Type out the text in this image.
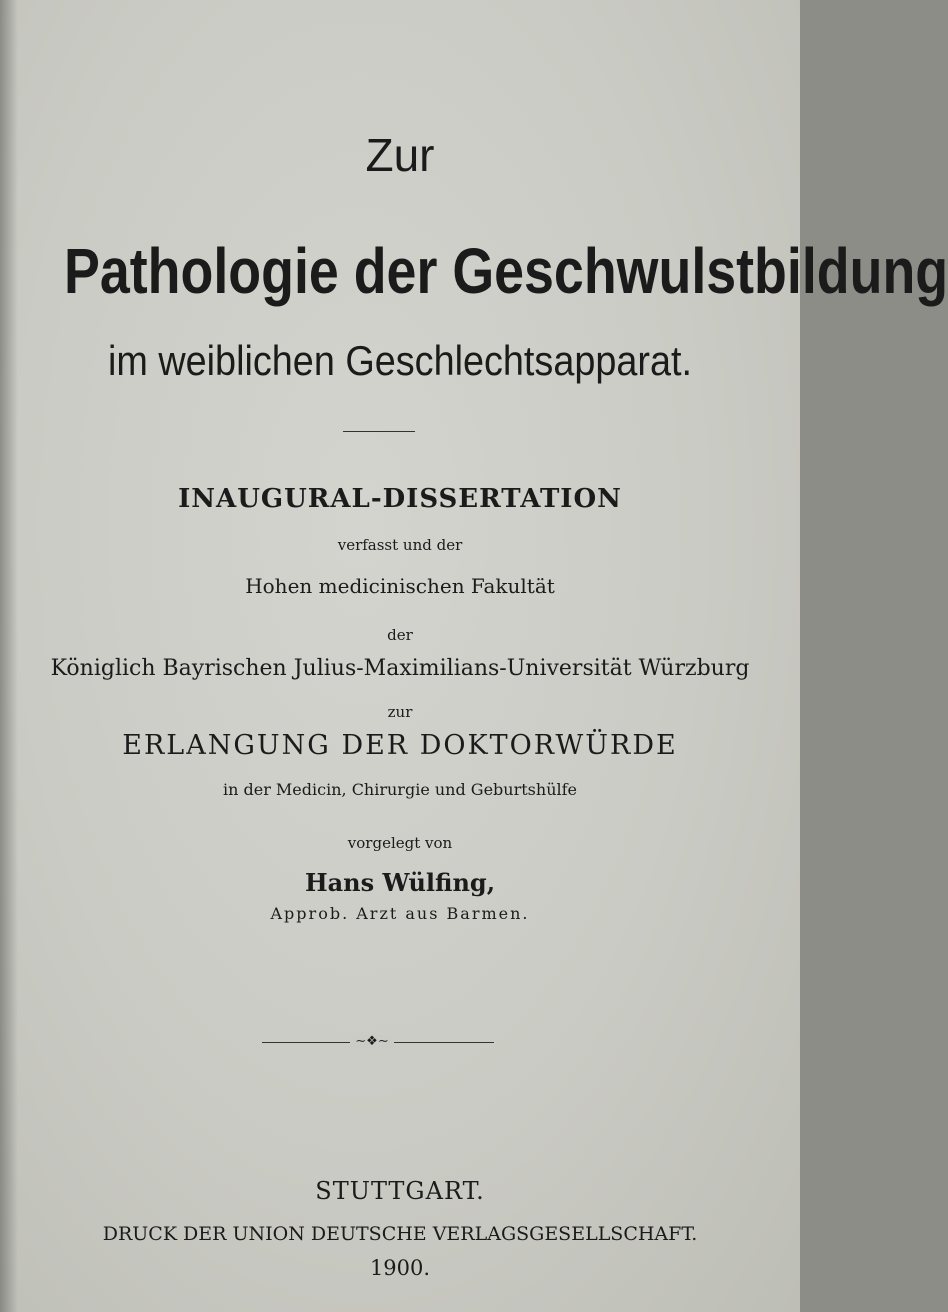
Zur
Pathologie der Geschwulstbildung
im weiblichen Geschlechtsapparat.
INAUGURAL-DISSERTATION
verfasst und der
Hohen medicinischen Fakultät
der
Königlich Bayrischen Julius-Maximilians-Universität Würzburg
zur
ERLANGUNG DER DOKTORWÜRDE
in der Medicin, Chirurgie und Geburtshülfe
vorgelegt von
Hans Wülfing,
Approb. Arzt aus Barmen.
∼❖∼
STUTTGART.
DRUCK DER UNION DEUTSCHE VERLAGSGESELLSCHAFT.
1900.
